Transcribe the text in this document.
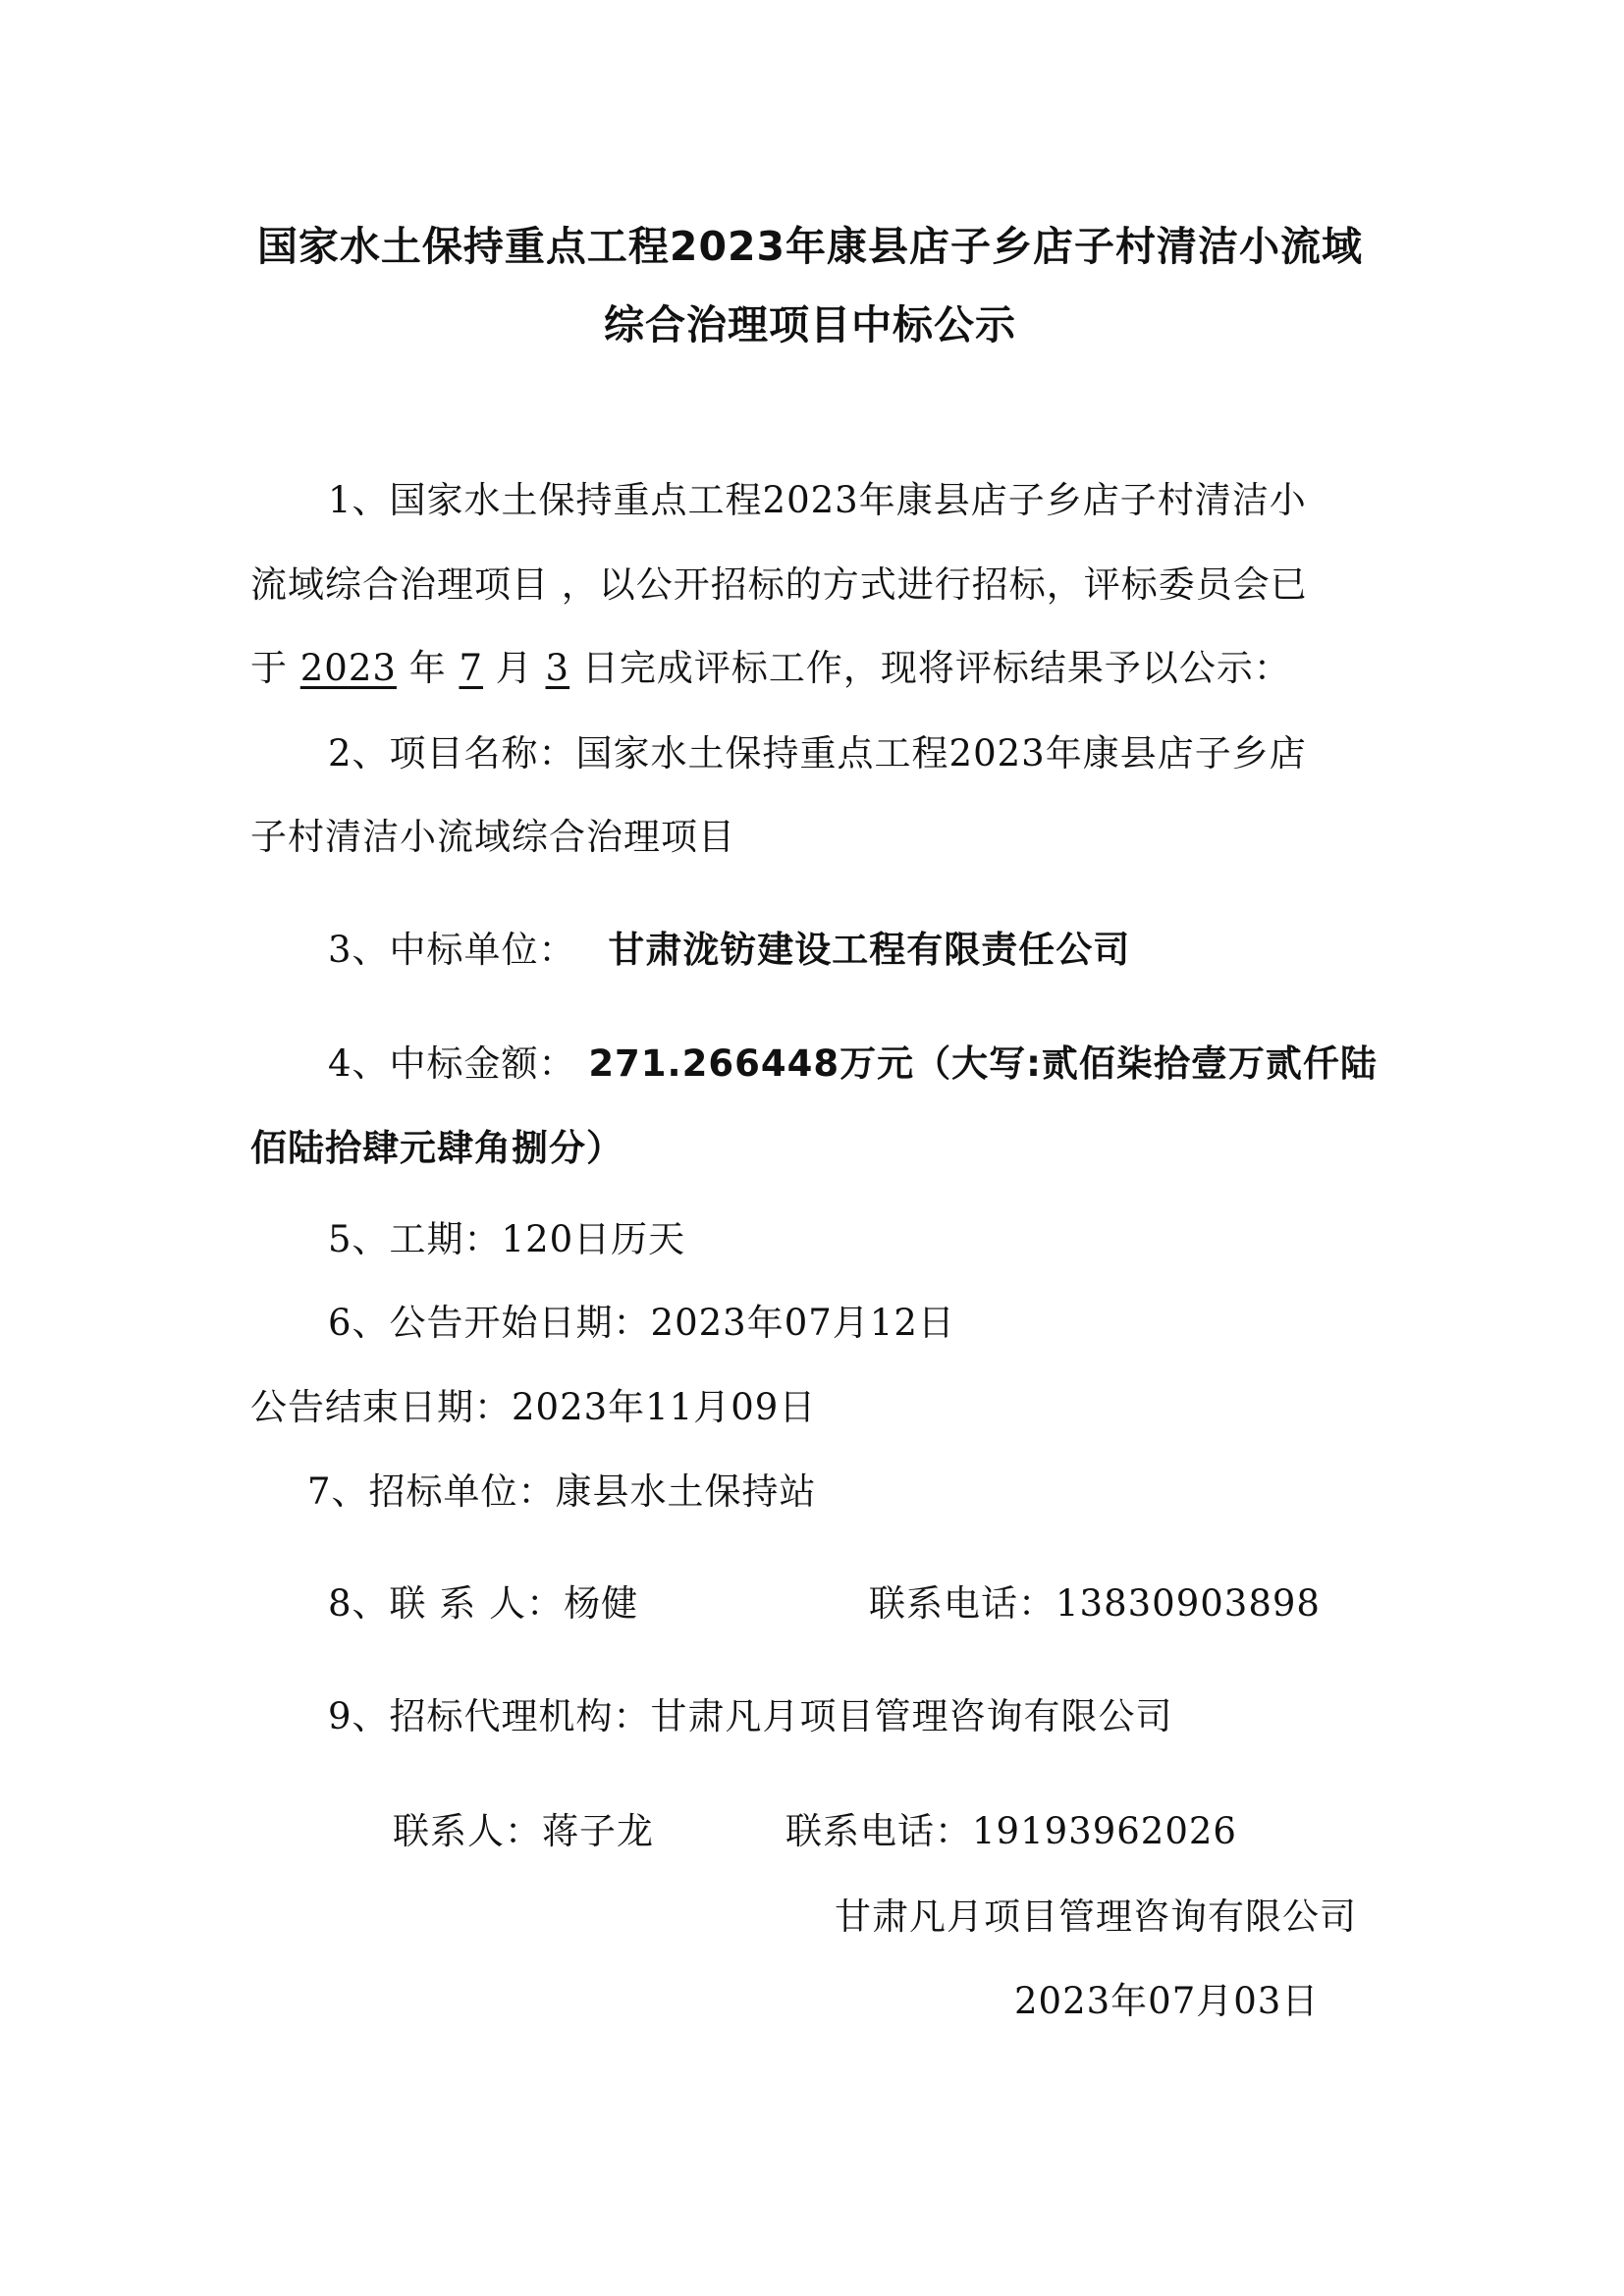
国家水土保持重点工程2023年康县店子乡店子村清洁小流域
综合治理项目中标公示
1、国家水土保持重点工程2023年康县店子乡店子村清洁小
流域综合治理项目 ，以公开招标的方式进行招标，评标委员会已
于 2023 年 7 月 3 日完成评标工作，现将评标结果予以公示：
2、项目名称：国家水土保持重点工程2023年康县店子乡店
子村清洁小流域综合治理项目
3、中标单位： 甘肃泷钫建设工程有限责任公司
4、中标金额： 271.266448万元（大写:贰佰柒拾壹万贰仟陆
佰陆拾肆元肆角捌分）
5、工期：120日历天
6、公告开始日期：2023年07月12日
公告结束日期：2023年11月09日
7、招标单位：康县水土保持站
8、联 系 人：杨健	联系电话：13830903898
9、招标代理机构：甘肃凡月项目管理咨询有限公司
联系人：蒋子龙	联系电话：19193962026
甘肃凡月项目管理咨询有限公司
2023年07月03日
